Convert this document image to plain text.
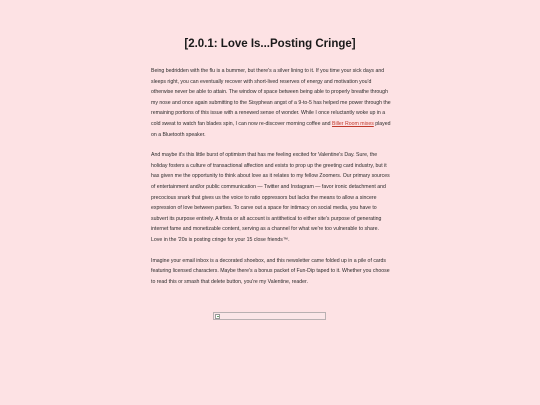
[2.0.1: Love Is...Posting Cringe]

Being bedridden with the flu is a bummer, but there's a silver lining to it. If you time your sick days and sleeps right, you can eventually recover with short-lived reserves of energy and motivation you'd otherwise never be able to attain. The window of space between being able to properly breathe through my nose and once again submitting to the Sisyphean angst of a 9-to-5 has helped me power through the remaining portions of this issue with a renewed sense of wonder. While I once reluctantly woke up in a cold sweat to watch fan blades spin, I can now re-discover morning coffee and Biller Room mixes played on a Bluetooth speaker.

And maybe it's this little burst of optimism that has me feeling excited for Valentine's Day. Sure, the holiday fosters a culture of transactional affection and exists to prop up the greeting card industry, but it has given me the opportunity to think about love as it relates to my fellow Zoomers. Our primary sources of entertainment and/or public communication — Twitter and Instagram — favor ironic detachment and precocious snark that gives us the voice to ratio oppressors but lacks the means to allow a sincere expression of love between parties. To carve out a space for intimacy on social media, you have to subvert its purpose entirely. A finsta or alt account is antithetical to either site's purpose of generating internet fame and monetizable content, serving as a channel for what we're too vulnerable to share. Love in the '20s is posting cringe for your 15 close friends™.

Imagine your email inbox is a decorated shoebox, and this newsletter came folded up in a pile of cards featuring licensed characters. Maybe there's a bonus packet of Fun-Dip taped to it. Whether you choose to read this or smash that delete button, you're my Valentine, reader.
